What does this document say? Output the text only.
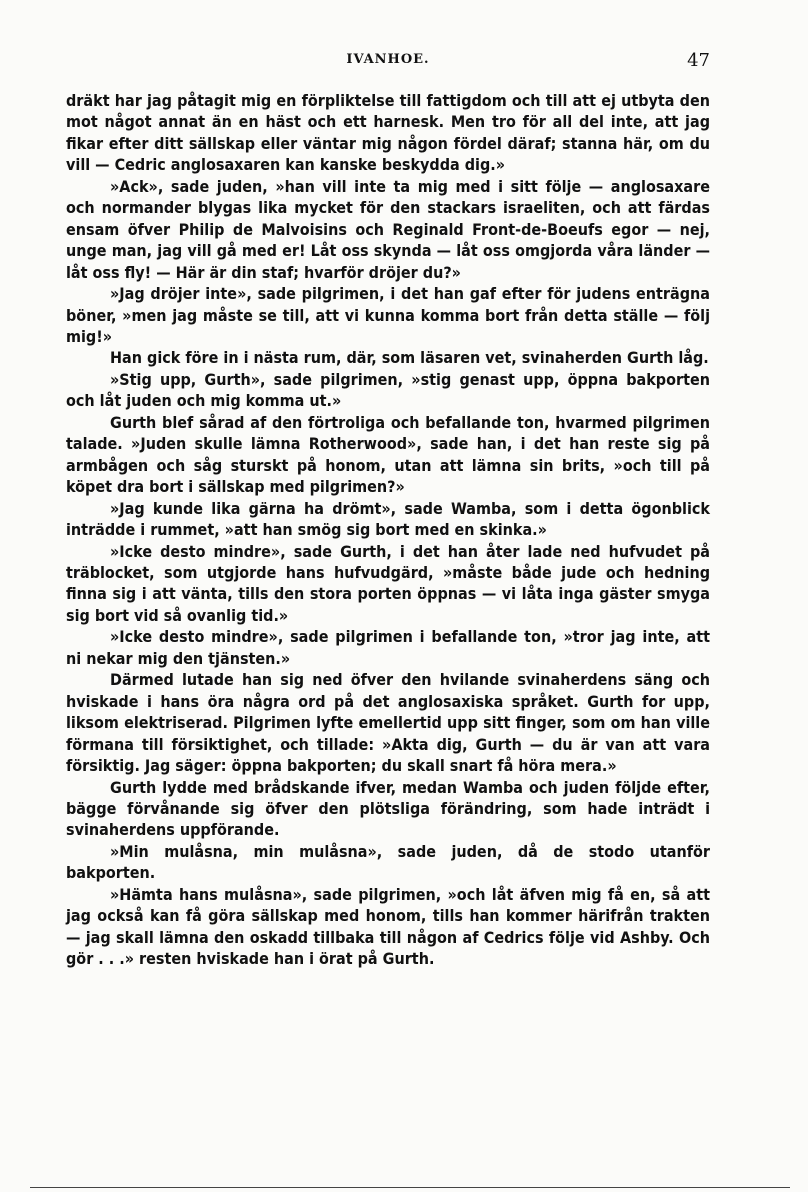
IVANHOE.	47

dräkt har jag påtagit mig en förpliktelse till fattigdom och till att ej utbyta den mot något annat än en häst och ett harnesk. Men tro för all del inte, att jag fikar efter ditt sällskap eller väntar mig någon fördel däraf; stanna här, om du vill — Cedric anglosaxaren kan kanske beskydda dig.»

»Ack», sade juden, »han vill inte ta mig med i sitt följe — anglosaxare och normander blygas lika mycket för den stackars israeliten, och att färdas ensam öfver Philip de Malvoisins och Reginald Front-de-Boeufs egor — nej, unge man, jag vill gå med er! Låt oss skynda — låt oss omgjorda våra länder — låt oss fly! — Här är din staf; hvarför dröjer du?»

»Jag dröjer inte», sade pilgrimen, i det han gaf efter för judens enträgna böner, »men jag måste se till, att vi kunna komma bort från detta ställe — följ mig!»

Han gick före in i nästa rum, där, som läsaren vet, svinaherden Gurth låg.

»Stig upp, Gurth», sade pilgrimen, »stig genast upp, öppna bakporten och låt juden och mig komma ut.»

Gurth blef sårad af den förtroliga och befallande ton, hvarmed pilgrimen talade. »Juden skulle lämna Rotherwood», sade han, i det han reste sig på armbågen och såg sturskt på honom, utan att lämna sin brits, »och till på köpet dra bort i sällskap med pilgrimen?»

»Jag kunde lika gärna ha drömt», sade Wamba, som i detta ögonblick inträdde i rummet, »att han smög sig bort med en skinka.»

»Icke desto mindre», sade Gurth, i det han åter lade ned hufvudet på träblocket, som utgjorde hans hufvudgärd, »måste både jude och hedning finna sig i att vänta, tills den stora porten öppnas — vi låta inga gäster smyga sig bort vid så ovanlig tid.»

»Icke desto mindre», sade pilgrimen i befallande ton, »tror jag inte, att ni nekar mig den tjänsten.»

Därmed lutade han sig ned öfver den hvilande svinaherdens säng och hviskade i hans öra några ord på det anglosaxiska språket. Gurth for upp, liksom elektriserad. Pilgrimen lyfte emellertid upp sitt finger, som om han ville förmana till försiktighet, och tillade: »Akta dig, Gurth — du är van att vara försiktig. Jag säger: öppna bakporten; du skall snart få höra mera.»

Gurth lydde med brådskande ifver, medan Wamba och juden följde efter, bägge förvånande sig öfver den plötsliga förändring, som hade inträdt i svinaherdens uppförande.

»Min mulåsna, min mulåsna», sade juden, då de stodo utanför bakporten.

»Hämta hans mulåsna», sade pilgrimen, »och låt äfven mig få en, så att jag också kan få göra sällskap med honom, tills han kommer härifrån trakten — jag skall lämna den oskadd tillbaka till någon af Cedrics följe vid Ashby. Och gör . . .» resten hviskade han i örat på Gurth.
